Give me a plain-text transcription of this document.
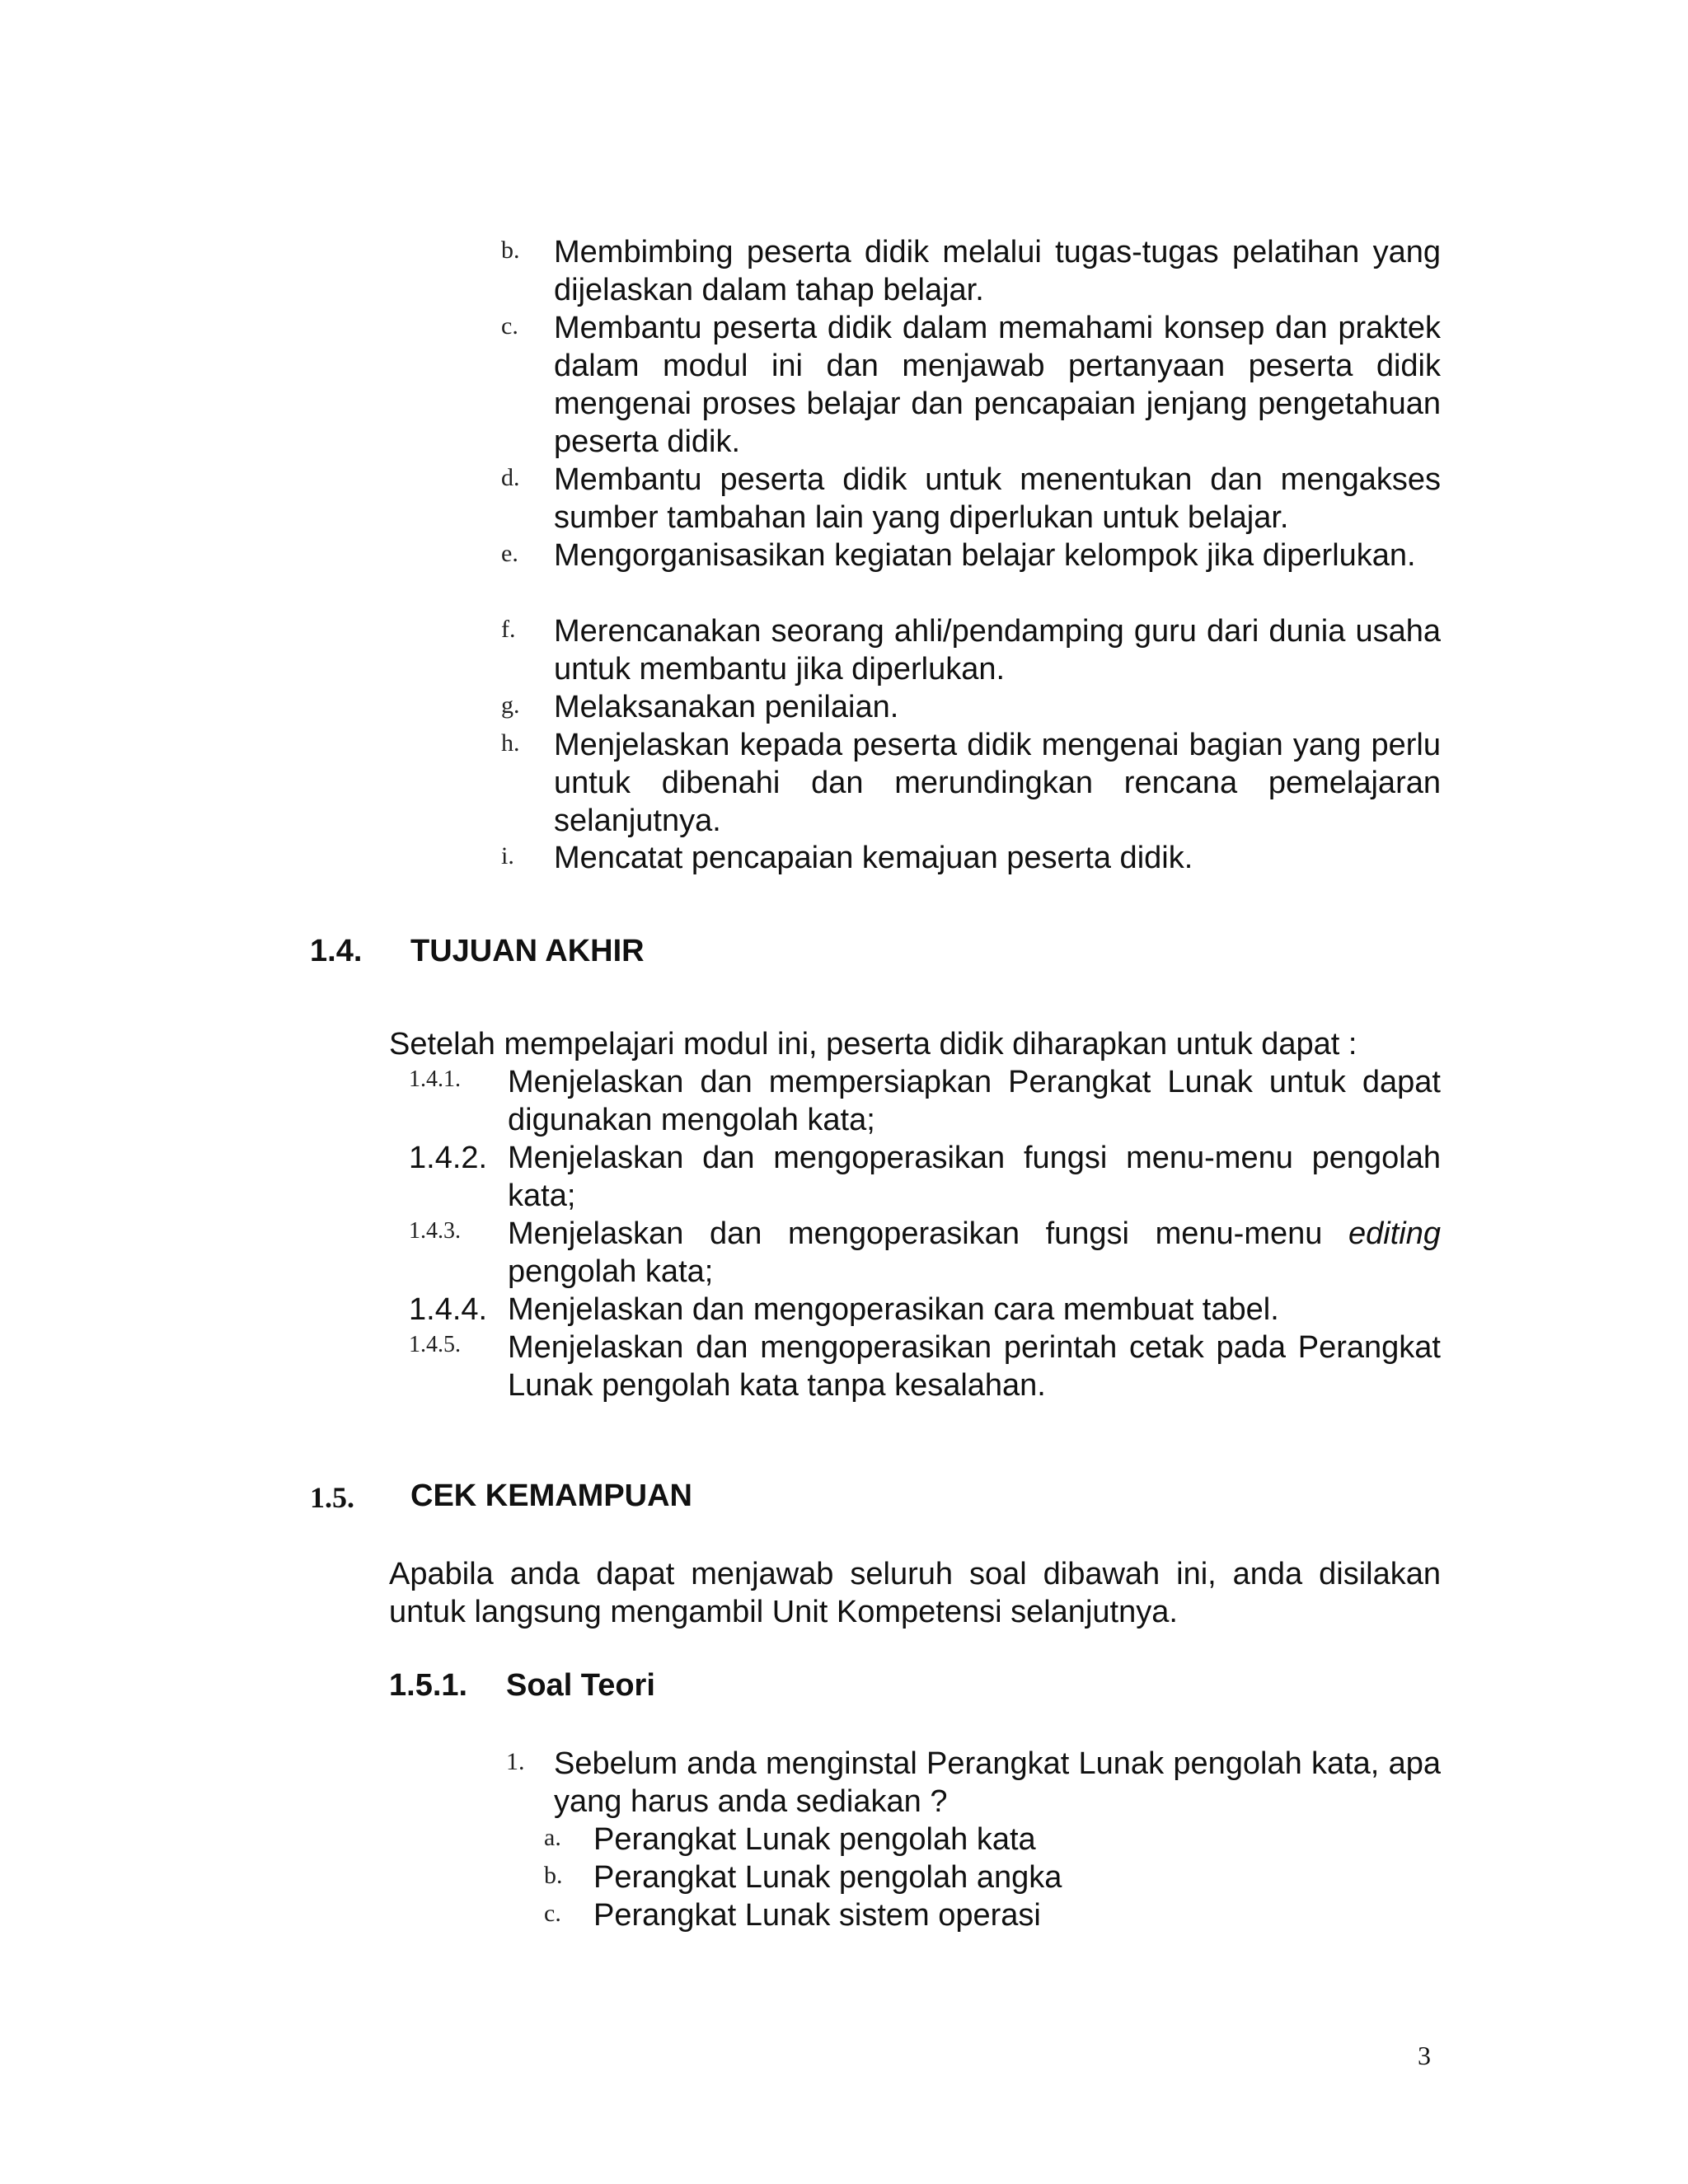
b. Membimbing peserta didik melalui tugas-tugas pelatihan yang dijelaskan dalam tahap belajar.
c. Membantu peserta didik dalam memahami konsep dan praktek dalam modul ini dan menjawab pertanyaan peserta didik mengenai proses belajar dan pencapaian jenjang pengetahuan peserta didik.
d. Membantu peserta didik untuk menentukan dan mengakses sumber tambahan lain yang diperlukan untuk belajar.
e. Mengorganisasikan kegiatan belajar kelompok jika diperlukan.
f. Merencanakan seorang ahli/pendamping guru dari dunia usaha untuk membantu jika diperlukan.
g. Melaksanakan penilaian.
h. Menjelaskan kepada peserta didik mengenai bagian yang perlu untuk dibenahi dan merundingkan rencana pemelajaran selanjutnya.
i. Mencatat pencapaian kemajuan peserta didik.
1.4. TUJUAN AKHIR
Setelah mempelajari modul ini, peserta didik diharapkan untuk dapat :
1.4.1. Menjelaskan dan mempersiapkan Perangkat Lunak untuk dapat digunakan mengolah kata;
1.4.2. Menjelaskan dan mengoperasikan fungsi menu-menu pengolah kata;
1.4.3. Menjelaskan dan mengoperasikan fungsi menu-menu editing pengolah kata;
1.4.4. Menjelaskan dan mengoperasikan cara membuat tabel.
1.4.5. Menjelaskan dan mengoperasikan perintah cetak pada Perangkat Lunak pengolah kata tanpa kesalahan.
1.5. CEK KEMAMPUAN
Apabila anda dapat menjawab seluruh soal dibawah ini, anda disilakan untuk langsung mengambil Unit Kompetensi selanjutnya.
1.5.1. Soal Teori
1. Sebelum anda menginstal Perangkat Lunak pengolah kata, apa yang harus anda sediakan ?
a. Perangkat Lunak pengolah kata
b. Perangkat Lunak pengolah angka
c. Perangkat Lunak sistem operasi
3
